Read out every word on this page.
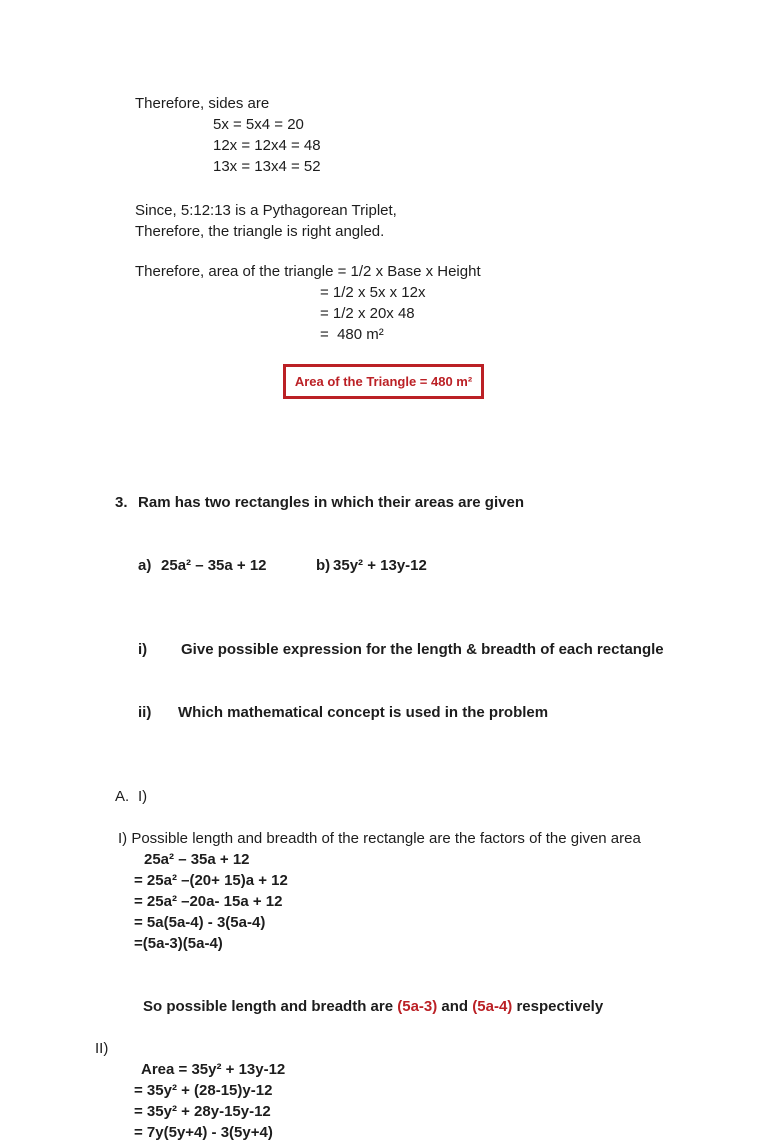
Therefore, sides are
5x = 5x4 = 20
12x = 12x4 = 48
13x = 13x4 = 52
Since, 5:12:13 is a Pythagorean Triplet,
Therefore, the triangle is right angled.
Therefore, area of the triangle = 1/2 x Base x Height
= 1/2 x 5x x 12x
= 1/2 x 20x 48
=  480 m²
Area of the Triangle = 480 m²

3. Ram has two rectangles in which their areas are given

a) 25a² – 35a + 12	b) 35y² + 13y-12

i) Give possible expression for the length & breadth of each rectangle

ii) Which mathematical concept is used in the problem

A. I)

I) Possible length and breadth of the rectangle are the factors of the given area
25a² – 35a + 12
= 25a² –(20+ 15)a + 12
= 25a² –20a- 15a + 12
= 5a(5a-4) - 3(5a-4)
=(5a-3)(5a-4)

So possible length and breadth are (5a-3) and (5a-4) respectively

II)
Area = 35y² + 13y-12
= 35y² + (28-15)y-12
= 35y² + 28y-15y-12
= 7y(5y+4) - 3(5y+4)
